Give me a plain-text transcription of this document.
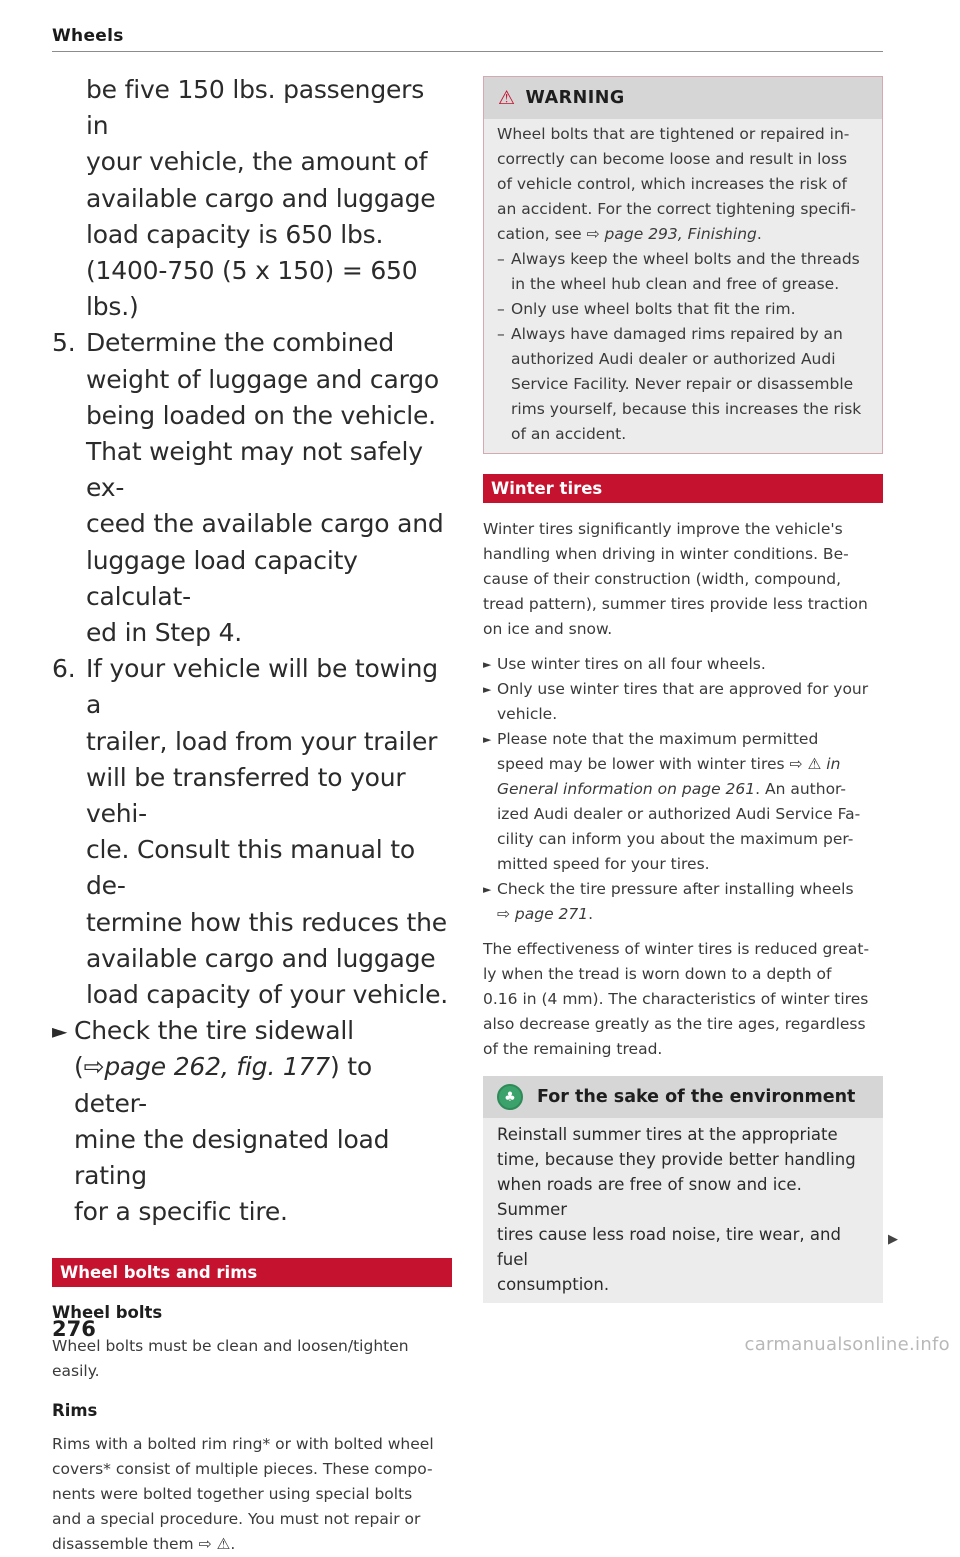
Wheels
be five 150 lbs. passengers in
your vehicle, the amount of
available cargo and luggage
load capacity is 650 lbs.
(1400-750 (5 x 150) = 650
lbs.)
5. Determine the combined
weight of luggage and cargo
being loaded on the vehicle.
That weight may not safely ex-
ceed the available cargo and
luggage load capacity calculat-
ed in Step 4.
6. If your vehicle will be towing a
trailer, load from your trailer
will be transferred to your vehi-
cle. Consult this manual to de-
termine how this reduces the
available cargo and luggage
load capacity of your vehicle.
► Check the tire sidewall
(⇨page 262, fig. 177) to deter-
mine the designated load rating
for a specific tire.
Wheel bolts and rims
Wheel bolts
Wheel bolts must be clean and loosen/tighten
easily.
Rims
Rims with a bolted rim ring* or with bolted wheel
covers* consist of multiple pieces. These compo-
nents were bolted together using special bolts
and a special procedure. You must not repair or
disassemble them ⇨ ⚠.
⚠ WARNING
Wheel bolts that are tightened or repaired in-
correctly can become loose and result in loss
of vehicle control, which increases the risk of
an accident. For the correct tightening specifi-
cation, see ⇨ page 293, Finishing.
– Always keep the wheel bolts and the threads
in the wheel hub clean and free of grease.
– Only use wheel bolts that fit the rim.
– Always have damaged rims repaired by an
authorized Audi dealer or authorized Audi
Service Facility. Never repair or disassemble
rims yourself, because this increases the risk
of an accident.
Winter tires
Winter tires significantly improve the vehicle's
handling when driving in winter conditions. Be-
cause of their construction (width, compound,
tread pattern), summer tires provide less traction
on ice and snow.
► Use winter tires on all four wheels.
► Only use winter tires that are approved for your
vehicle.
► Please note that the maximum permitted
speed may be lower with winter tires ⇨ ⚠ in
General information on page 261. An author-
ized Audi dealer or authorized Audi Service Fa-
cility can inform you about the maximum per-
mitted speed for your tires.
► Check the tire pressure after installing wheels
⇨ page 271.
The effectiveness of winter tires is reduced great-
ly when the tread is worn down to a depth of
0.16 in (4 mm). The characteristics of winter tires
also decrease greatly as the tire ages, regardless
of the remaining tread.
♣	For the sake of the environment
Reinstall summer tires at the appropriate
time, because they provide better handling
when roads are free of snow and ice. Summer
tires cause less road noise, tire wear, and fuel
consumption.
▶
276
carmanualsonline.info
